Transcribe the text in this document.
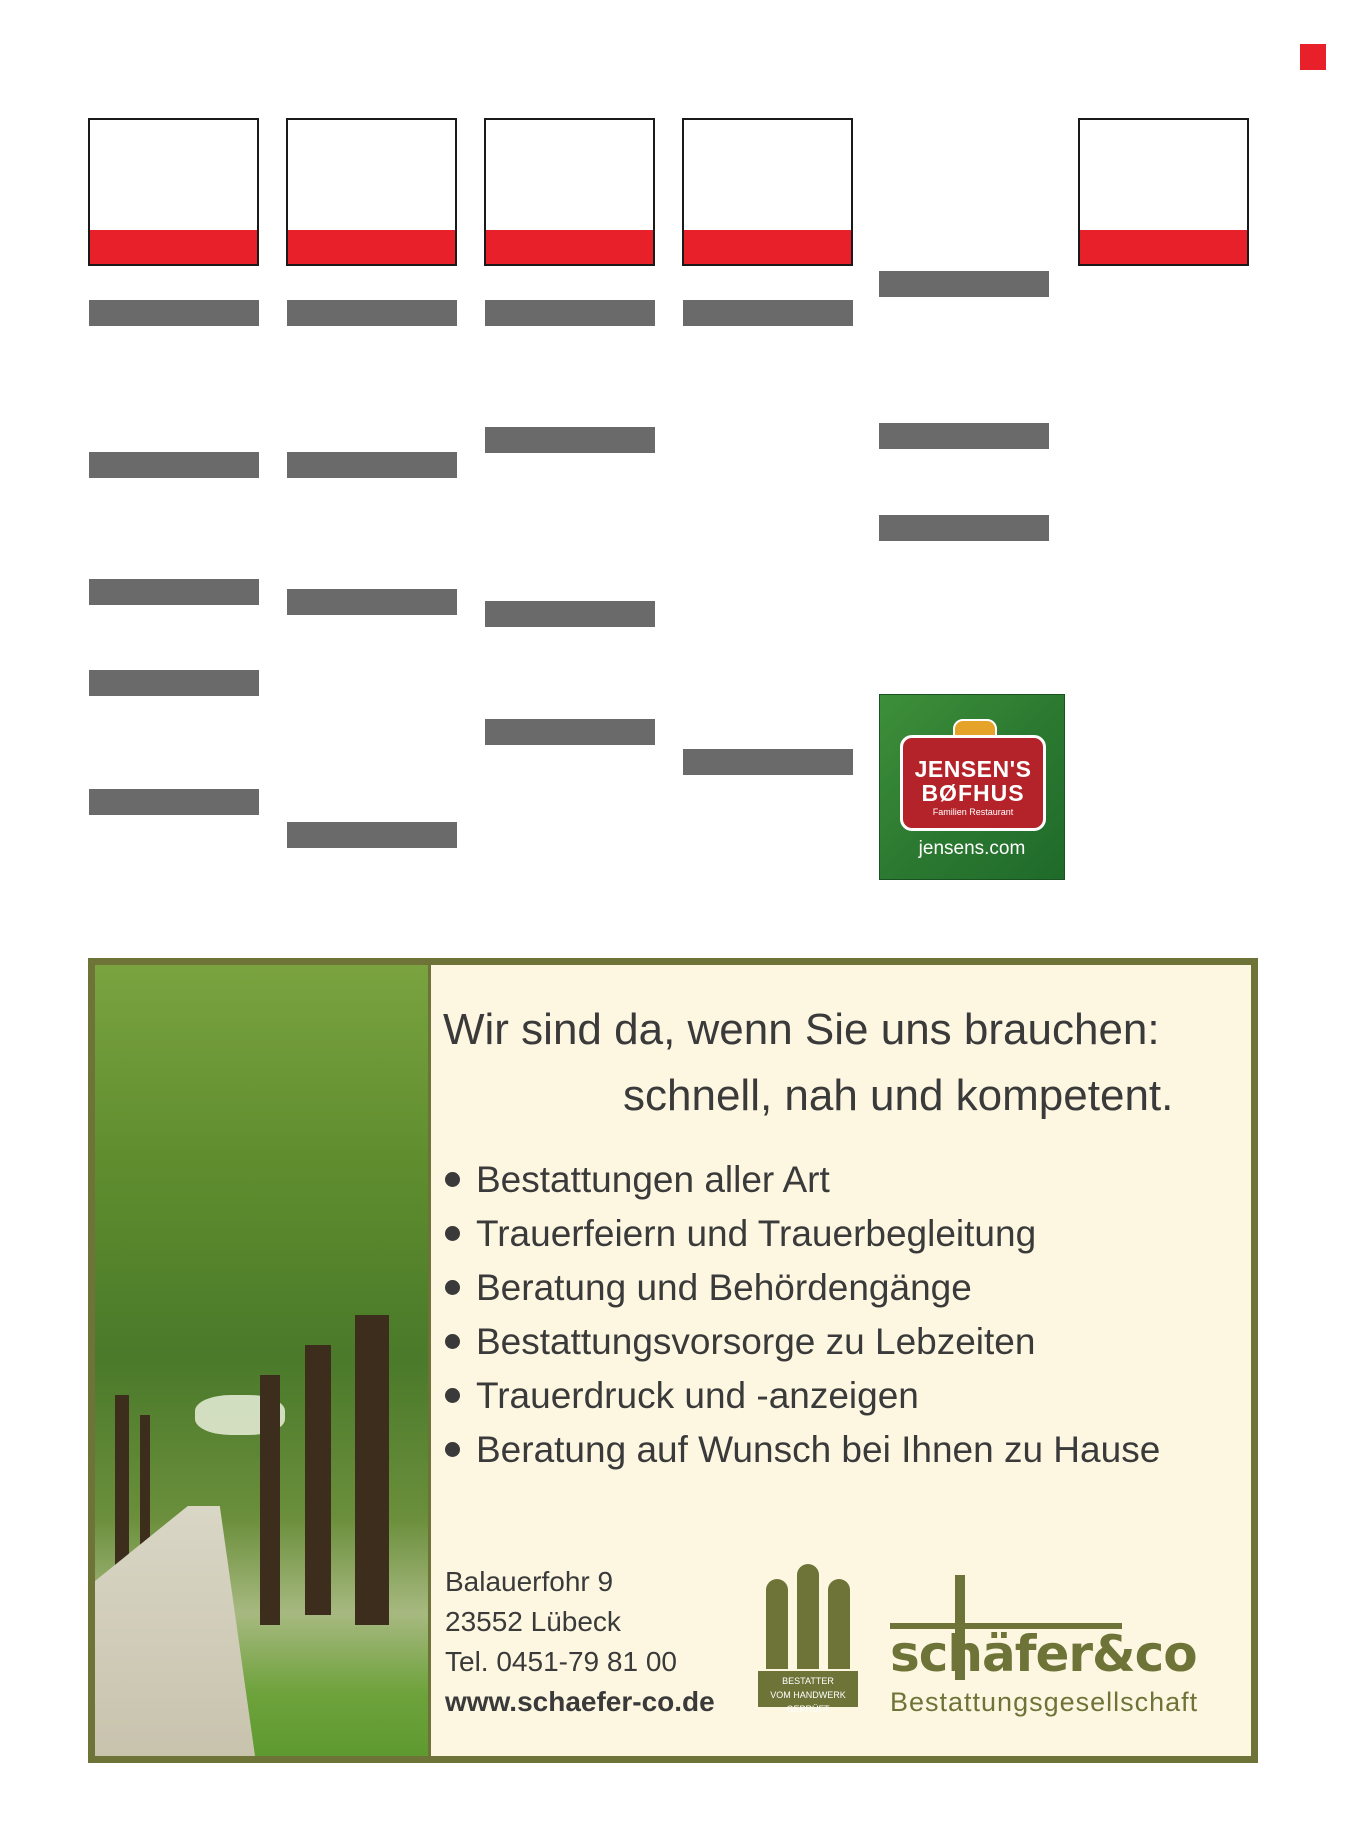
JENSEN'S
BØFHUS
Familien Restaurant
jensens.com

Wir sind da, wenn Sie uns brauchen:

schnell, nah und kompetent.

Bestattungen aller Art
Trauerfeiern und Trauerbegleitung
Beratung und Behördengänge
Bestattungsvorsorge zu Lebzeiten
Trauerdruck und -anzeigen
Beratung auf Wunsch bei Ihnen zu Hause
Balauerfohr 9
23552 Lübeck
Tel. 0451-79 81 00
www.schaefer-co.de
BESTATTER
VOM HANDWERK GEPRÜFT
schäfer&co
Bestattungsgesellschaft
